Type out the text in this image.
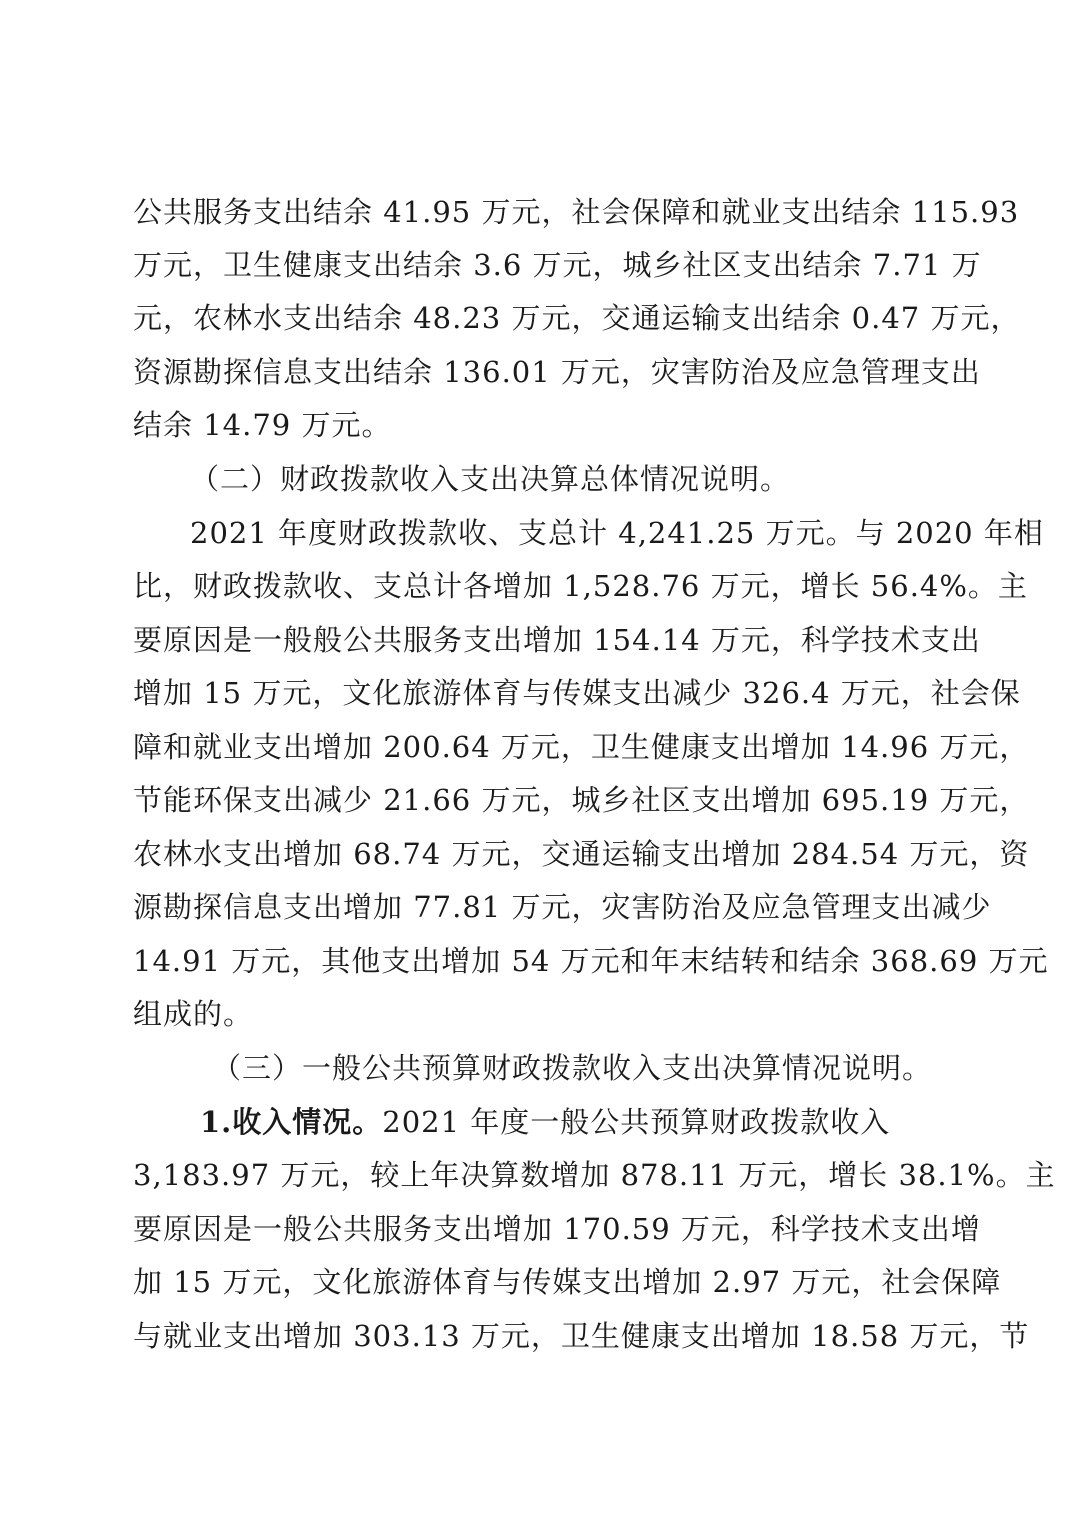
公共服务支出结余 41.95 万元，社会保障和就业支出结余 115.93
万元，卫生健康支出结余 3.6 万元，城乡社区支出结余 7.71 万
元，农林水支出结余 48.23 万元，交通运输支出结余 0.47 万元，
资源勘探信息支出结余 136.01 万元，灾害防治及应急管理支出
结余 14.79 万元。
（二）财政拨款收入支出决算总体情况说明。
2021 年度财政拨款收、支总计 4,241.25 万元。与 2020 年相
比，财政拨款收、支总计各增加 1,528.76 万元，增长 56.4%。主
要原因是一般般公共服务支出增加 154.14 万元，科学技术支出
增加 15 万元，文化旅游体育与传媒支出减少 326.4 万元，社会保
障和就业支出增加 200.64 万元，卫生健康支出增加 14.96 万元，
节能环保支出减少 21.66 万元，城乡社区支出增加 695.19 万元，
农林水支出增加 68.74 万元，交通运输支出增加 284.54 万元，资
源勘探信息支出增加 77.81 万元，灾害防治及应急管理支出减少
14.91 万元，其他支出增加 54 万元和年末结转和结余 368.69 万元
组成的。
（三）一般公共预算财政拨款收入支出决算情况说明。
1.收入情况。2021 年度一般公共预算财政拨款收入
3,183.97 万元，较上年决算数增加 878.11 万元，增长 38.1%。主
要原因是一般公共服务支出增加 170.59 万元，科学技术支出增
加 15 万元，文化旅游体育与传媒支出增加 2.97 万元，社会保障
与就业支出增加 303.13 万元，卫生健康支出增加 18.58 万元，节
